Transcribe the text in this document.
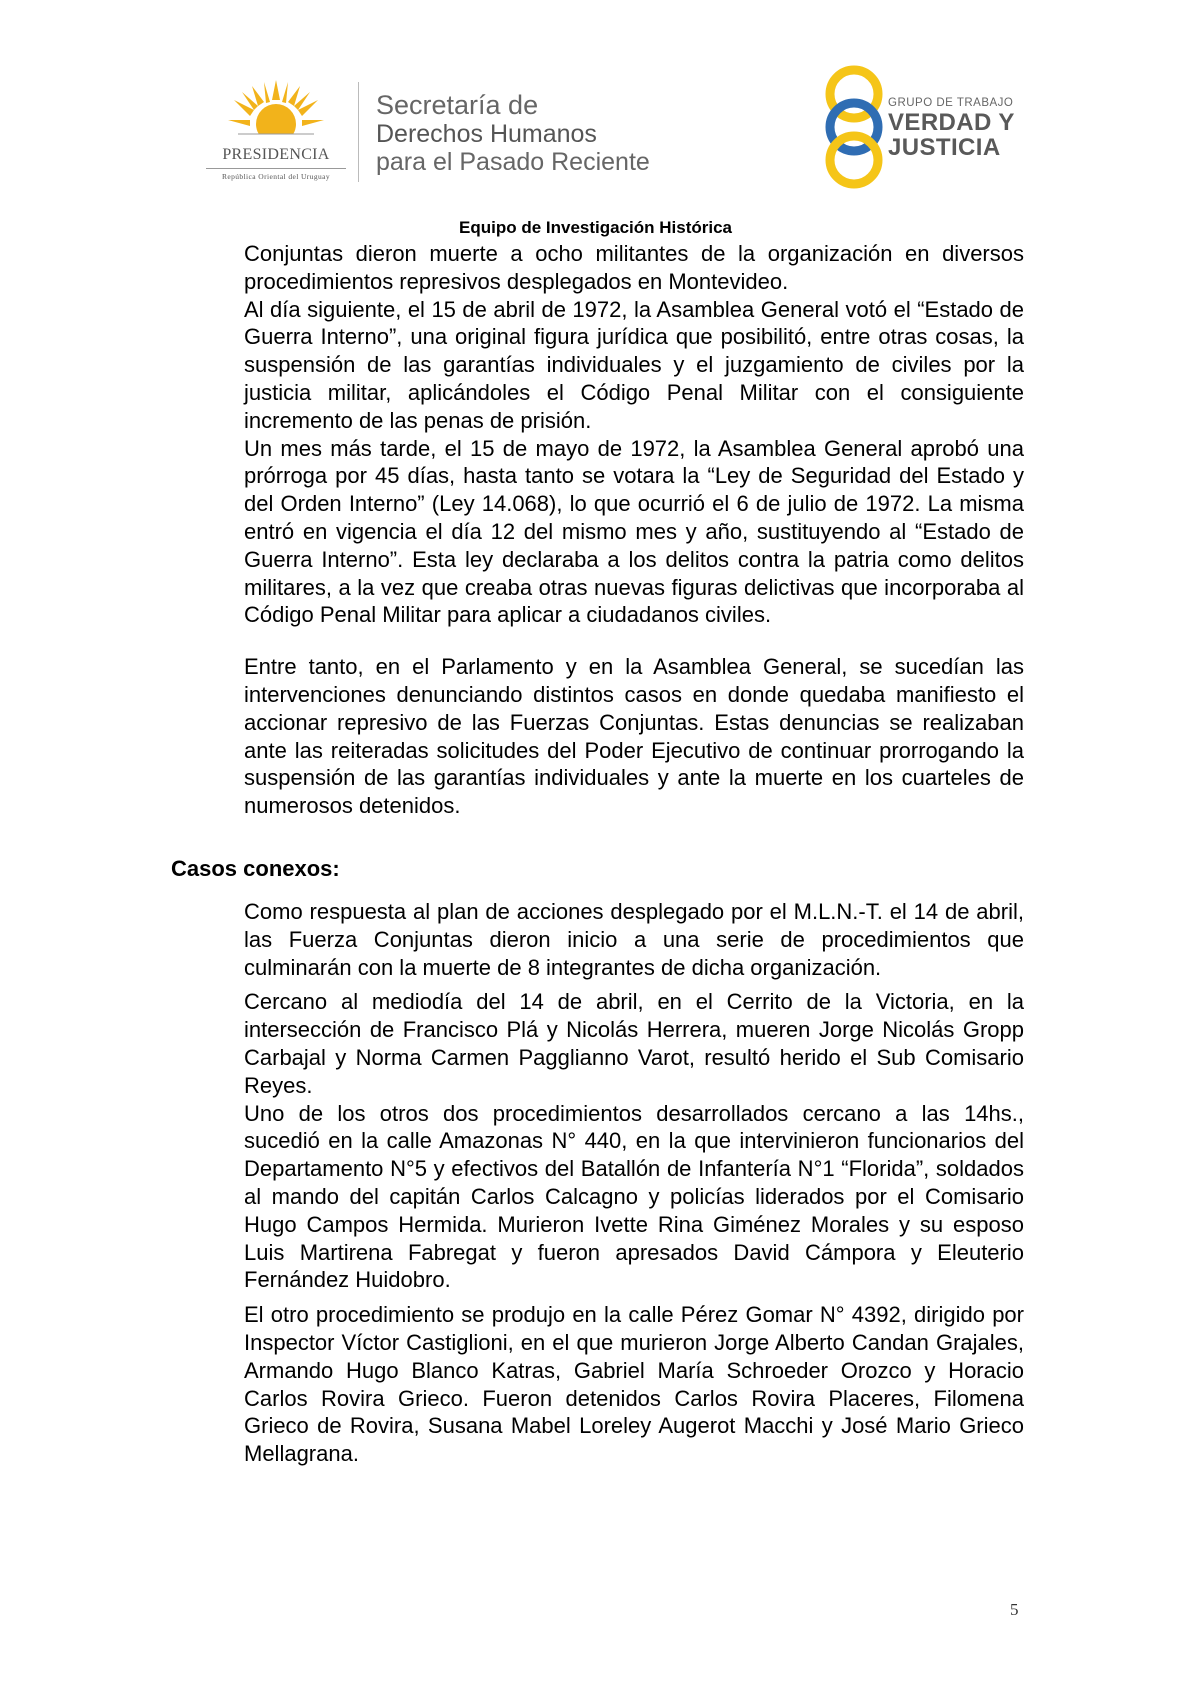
PRESIDENCIA
República Oriental del Uruguay
Secretaría de
Derechos Humanos
para el Pasado Reciente
GRUPO DE TRABAJO
VERDAD Y
JUSTICIA
Equipo de Investigación Histórica

Conjuntas dieron muerte a ocho militantes de la organización en diversos procedimientos represivos desplegados en Montevideo.

Al día siguiente, el 15 de abril de 1972, la Asamblea General votó el “Estado de Guerra Interno”, una original figura jurídica que posibilitó, entre otras cosas, la suspensión de las garantías individuales y el juzgamiento de civiles por la justicia militar, aplicándoles el Código Penal Militar con el consiguiente incremento de las penas de prisión.

Un mes más tarde, el 15 de mayo de 1972, la Asamblea General aprobó una prórroga por 45 días, hasta tanto se votara la “Ley de Seguridad del Estado y del Orden Interno” (Ley 14.068), lo que ocurrió el 6 de julio de 1972. La misma entró en vigencia el día 12 del mismo mes y año, sustituyendo al “Estado de Guerra Interno”. Esta ley declaraba a los delitos contra la patria como delitos militares, a la vez que creaba otras nuevas figuras delictivas que incorporaba al Código Penal Militar para aplicar a ciudadanos civiles.

Entre tanto, en el Parlamento y en la Asamblea General, se sucedían las intervenciones denunciando distintos casos en donde quedaba manifiesto el accionar represivo de las Fuerzas Conjuntas. Estas denuncias se realizaban ante las reiteradas solicitudes del Poder Ejecutivo de continuar prorrogando la suspensión de las garantías individuales y ante la muerte en los cuarteles de numerosos detenidos.

Casos conexos:

Como respuesta al plan de acciones desplegado por el M.L.N.-T. el 14 de abril, las Fuerza Conjuntas dieron inicio a una serie de procedimientos que culminarán con la muerte de 8 integrantes de dicha organización.

Cercano al mediodía del 14 de abril, en el Cerrito de la Victoria, en la intersección de Francisco Plá y Nicolás Herrera, mueren Jorge Nicolás Gropp Carbajal y Norma Carmen Pagglianno Varot, resultó herido el Sub Comisario Reyes.

Uno de los otros dos procedimientos desarrollados cercano a las 14hs., sucedió en la calle Amazonas N° 440, en la que intervinieron funcionarios del Departamento N°5 y efectivos del Batallón de Infantería N°1 “Florida”, soldados al mando del capitán Carlos Calcagno y policías liderados por el Comisario Hugo Campos Hermida. Murieron Ivette Rina Giménez Morales y su esposo Luis Martirena Fabregat y fueron apresados David Cámpora y Eleuterio Fernández Huidobro.

El otro procedimiento se produjo en la calle Pérez Gomar N° 4392, dirigido por Inspector Víctor Castiglioni, en el que murieron Jorge Alberto Candan Grajales, Armando Hugo Blanco Katras, Gabriel María Schroeder Orozco y Horacio Carlos Rovira Grieco. Fueron detenidos Carlos Rovira Placeres, Filomena Grieco de Rovira, Susana Mabel Loreley Augerot Macchi y José Mario Grieco Mellagrana.

5
